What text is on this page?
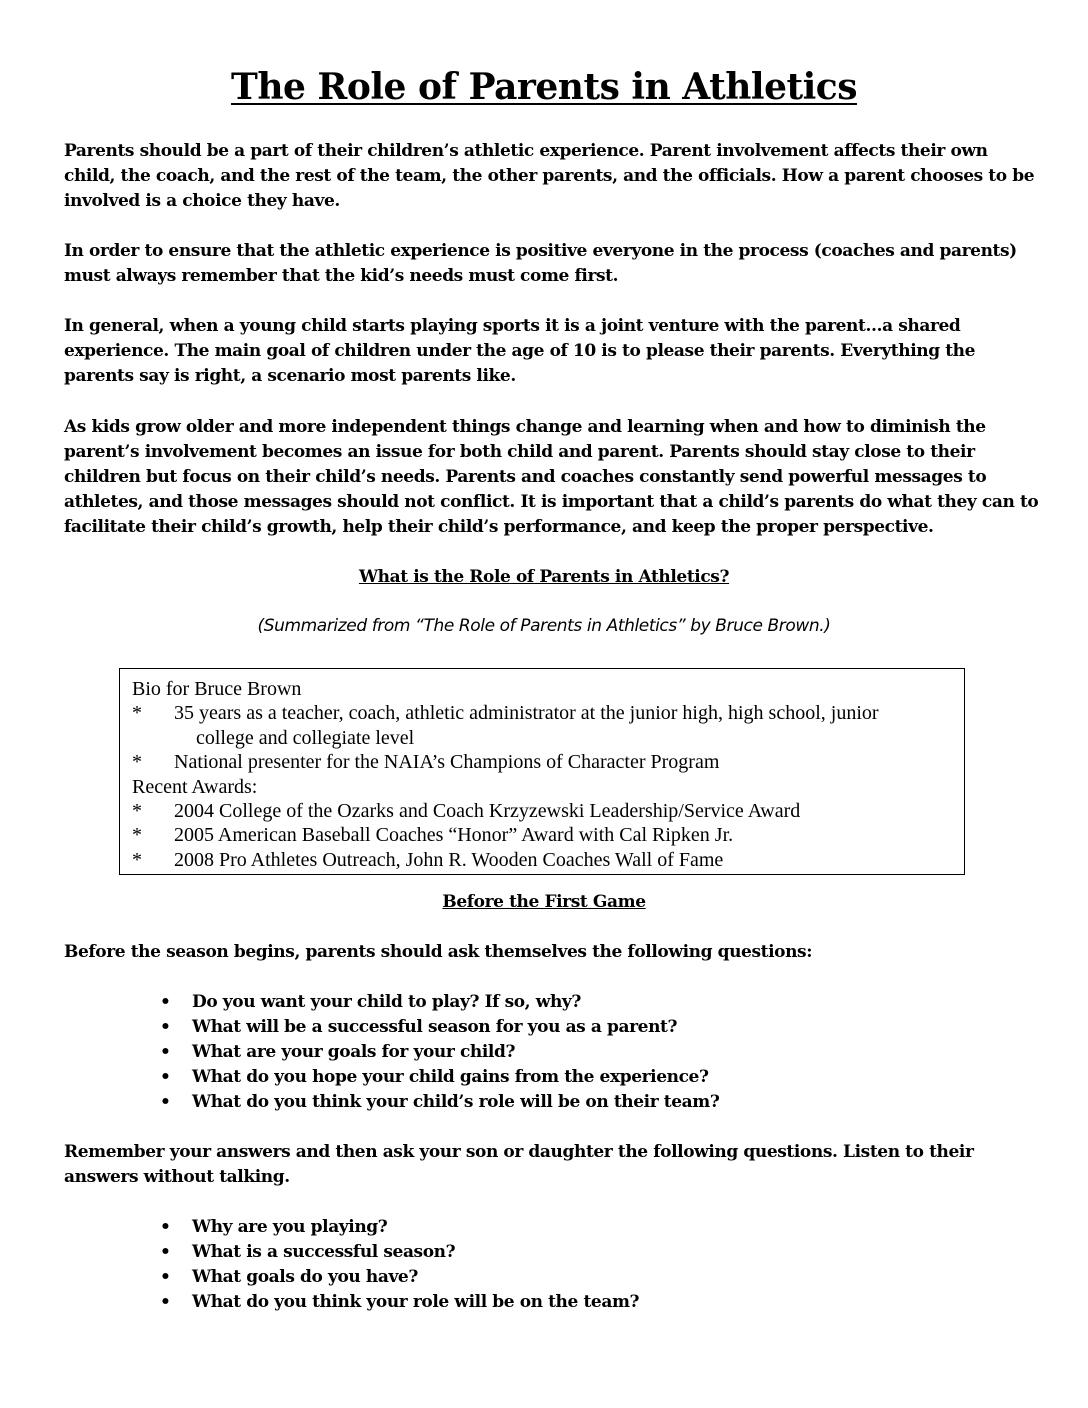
The Role of Parents in Athletics

Parents should be a part of their children’s athletic experience. Parent involvement affects their own
child, the coach, and the rest of the team, the other parents, and the officials. How a parent chooses to be
involved is a choice they have.

In order to ensure that the athletic experience is positive everyone in the process (coaches and parents)
must always remember that the kid’s needs must come first.

In general, when a young child starts playing sports it is a joint venture with the parent…a shared
experience. The main goal of children under the age of 10 is to please their parents. Everything the
parents say is right, a scenario most parents like.

As kids grow older and more independent things change and learning when and how to diminish the
parent’s involvement becomes an issue for both child and parent. Parents should stay close to their
children but focus on their child’s needs. Parents and coaches constantly send powerful messages to
athletes, and those messages should not conflict. It is important that a child’s parents do what they can to
facilitate their child’s growth, help their child’s performance, and keep the proper perspective.

What is the Role of Parents in Athletics?

(Summarized from “The Role of Parents in Athletics” by Bruce Brown.)

Bio for Bruce Brown
* 35 years as a teacher, coach, athletic administrator at the junior high, high school, junior
college and collegiate level
* National presenter for the NAIA’s Champions of Character Program
Recent Awards:
* 2004 College of the Ozarks and Coach Krzyzewski Leadership/Service Award
* 2005 American Baseball Coaches “Honor” Award with Cal Ripken Jr.
* 2008 Pro Athletes Outreach, John R. Wooden Coaches Wall of Fame

Before the First Game

Before the season begins, parents should ask themselves the following questions:

• Do you want your child to play? If so, why?
• What will be a successful season for you as a parent?
• What are your goals for your child?
• What do you hope your child gains from the experience?
• What do you think your child’s role will be on their team?

Remember your answers and then ask your son or daughter the following questions. Listen to their
answers without talking.

• Why are you playing?
• What is a successful season?
• What goals do you have?
• What do you think your role will be on the team?
